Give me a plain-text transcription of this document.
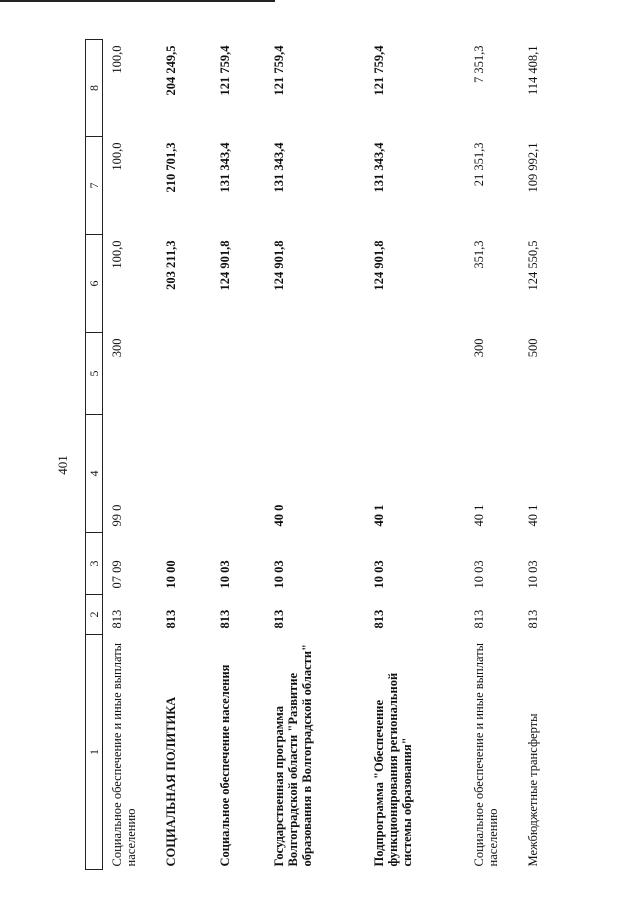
401
1	2	3	4	5	6	7	8
Социальное обеспечение и иные выплаты населению	813	07 09	99 0	300	100,0	100,0	100,0
СОЦИАЛЬНАЯ ПОЛИТИКА	813	10 00			203 211,3	210 701,3	204 249,5
Социальное обеспечение населения	813	10 03			124 901,8	131 343,4	121 759,4
Государственная программа Волгоградской области "Развитие образования в Волгоградской области"	813	10 03	40 0		124 901,8	131 343,4	121 759,4
Подпрограмма "Обеспечение функционирования региональной системы образования"	813	10 03	40 1		124 901,8	131 343,4	121 759,4
Социальное обеспечение и иные выплаты населению	813	10 03	40 1	300	351,3	21 351,3	7 351,3
Межбюджетные трансферты	813	10 03	40 1	500	124 550,5	109 992,1	114 408,1
